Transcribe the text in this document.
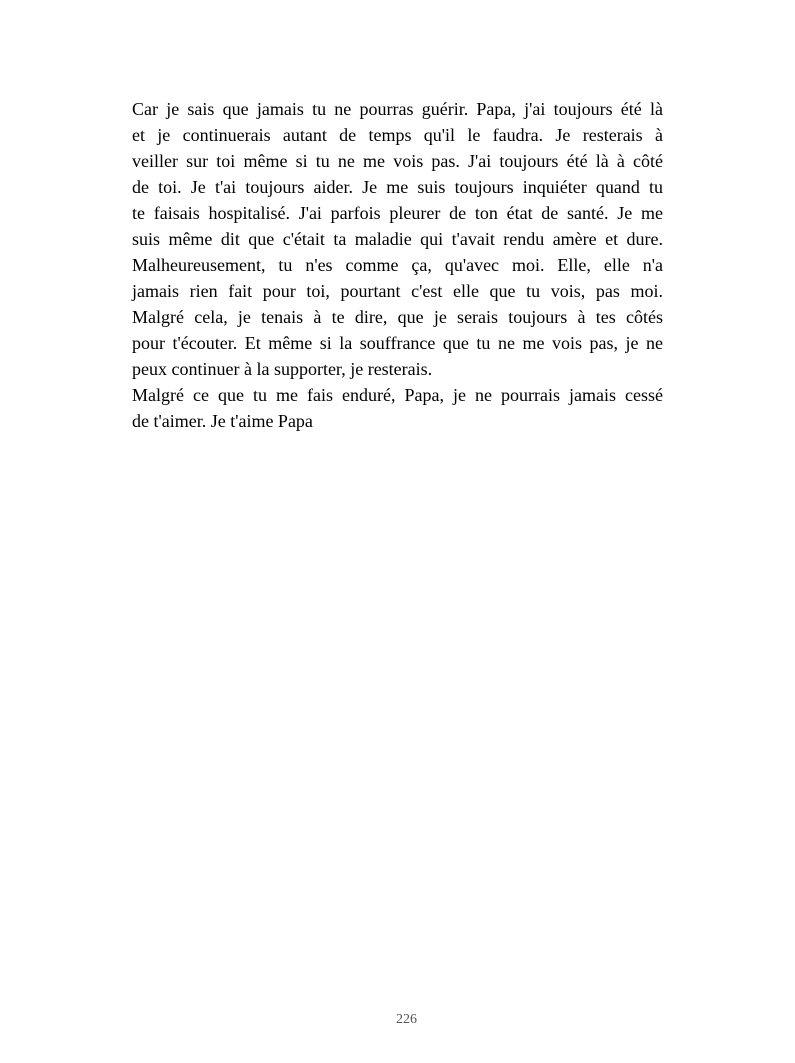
Car je sais que jamais tu ne pourras guérir. Papa, j'ai toujours été là
et je continuerais autant de temps qu'il le faudra. Je resterais à
veiller sur toi même si tu ne me vois pas. J'ai toujours été là à côté
de toi. Je t'ai toujours aider. Je me suis toujours inquiéter quand tu
te faisais hospitalisé. J'ai parfois pleurer de ton état de santé. Je me
suis même dit que c'était ta maladie qui t'avait rendu amère et dure.
Malheureusement, tu n'es comme ça, qu'avec moi. Elle, elle n'a
jamais rien fait pour toi, pourtant c'est elle que tu vois, pas moi.
Malgré cela, je tenais à te dire, que je serais toujours à tes côtés
pour t'écouter. Et même si la souffrance que tu ne me vois pas, je ne
peux continuer à la supporter, je resterais.
Malgré ce que tu me fais enduré, Papa, je ne pourrais jamais cessé
de t'aimer. Je t'aime Papa
226
